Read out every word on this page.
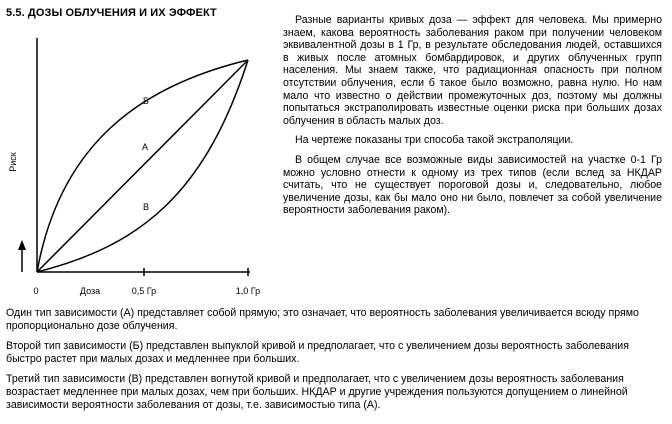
5.5. ДОЗЫ ОБЛУЧЕНИЯ И ИХ ЭФФЕКТ
Риск
Доза
0	0,5 Гр	1,0 Гр
Б
А
В

Разные варианты кривых доза — эффект для человека. Мы примерно знаем, какова вероятность заболевания раком при получении человеком эквивалентной дозы в 1 Гр, в результате обследования людей, оставшихся в живых после атомных бомбардировок, и других облученных групп населения. Мы знаем также, что радиационная опасность при полном отсутствии облучения, если б такое было возможно, равна нулю. Но нам мало что известно о действии промежуточных доз, поэтому мы должны попытаться экстраполировать известные оценки риска при больших дозах облучения в область малых доз.

На чертеже показаны три способа такой экстраполяции.

В общем случае все возможные виды зависимостей на участке 0-1 Гр можно условно отнести к одному из трех типов (если вслед за НКДАР считать, что не существует пороговой дозы и, следовательно, любое увеличение дозы, как бы мало оно ни было, повлечет за собой увеличение вероятности заболевания раком).

Один тип зависимости (А) представляет собой прямую; это означает, что вероятность заболевания увеличивается всюду прямо пропорционально дозе облучения.

Второй тип зависимости (Б) представлен выпуклой кривой и предполагает, что с увеличением дозы вероятность заболевания быстро растет при малых дозах и медленнее при больших.

Третий тип зависимости (В) представлен вогнутой кривой и предполагает, что с увеличением дозы вероятность заболевания возрастает медленнее при малых дозах, чем при больших. НКДАР и другие учреждения пользуются допущением о линейной зависимости вероятности заболевания от дозы, т.е. зависимостью типа (А).
